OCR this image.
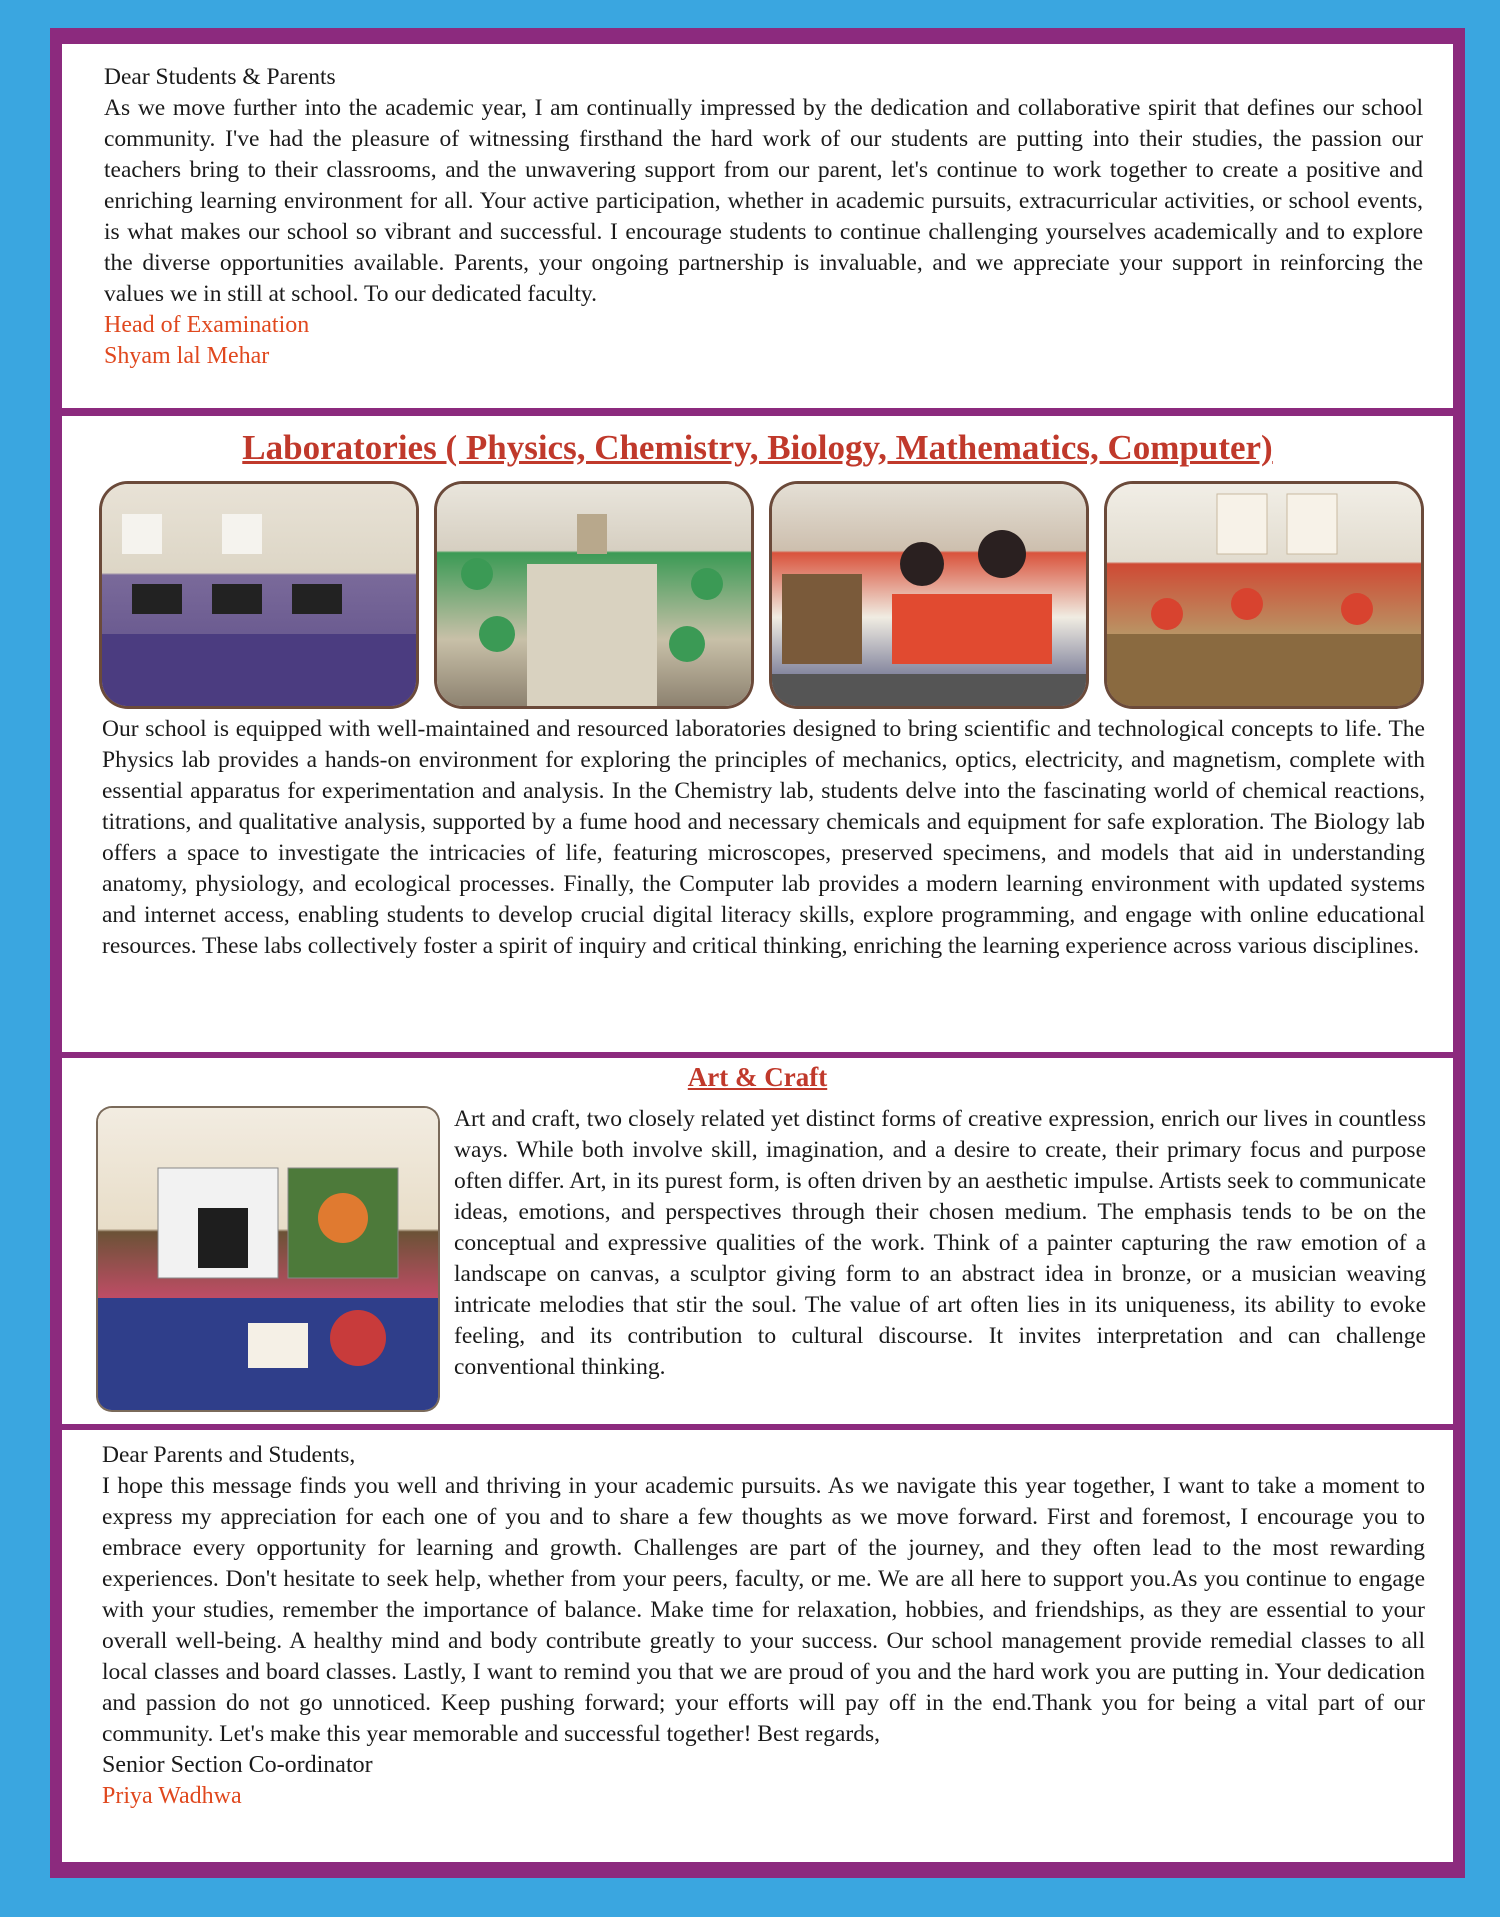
Dear Students & Parents
As we move further into the academic year, I am continually impressed by the dedication and collaborative spirit that defines our school community. I've had the pleasure of witnessing firsthand the hard work of our students are putting into their studies, the passion our teachers bring to their classrooms, and the unwavering support from our parent, let's continue to work together to create a positive and enriching learning environment for all. Your active participation, whether in academic pursuits, extracurricular activities, or school events, is what makes our school so vibrant and successful. I encourage students to continue challenging yourselves academically and to explore the diverse opportunities available. Parents, your ongoing partnership is invaluable, and we appreciate your support in reinforcing the values we in still at school. To our dedicated faculty.
Head of Examination
Shyam lal Mehar
Laboratories ( Physics, Chemistry, Biology, Mathematics, Computer)
Our school is equipped with well-maintained and resourced laboratories designed to bring scientific and technological concepts to life. The Physics lab provides a hands-on environment for exploring the principles of mechanics, optics, electricity, and magnetism, complete with essential apparatus for experimentation and analysis. In the Chemistry lab, students delve into the fascinating world of chemical reactions, titrations, and qualitative analysis, supported by a fume hood and necessary chemicals and equipment for safe exploration. The Biology lab offers a space to investigate the intricacies of life, featuring microscopes, preserved specimens, and models that aid in understanding anatomy, physiology, and ecological processes. Finally, the Computer lab provides a modern learning environment with updated systems and internet access, enabling students to develop crucial digital literacy skills, explore programming, and engage with online educational resources. These labs collectively foster a spirit of inquiry and critical thinking, enriching the learning experience across various disciplines.
Art & Craft
Art and craft, two closely related yet distinct forms of creative expression, enrich our lives in countless ways. While both involve skill, imagination, and a desire to create, their primary focus and purpose often differ. Art, in its purest form, is often driven by an aesthetic impulse. Artists seek to communicate ideas, emotions, and perspectives through their chosen medium. The emphasis tends to be on the conceptual and expressive qualities of the work. Think of a painter capturing the raw emotion of a landscape on canvas, a sculptor giving form to an abstract idea in bronze, or a musician weaving intricate melodies that stir the soul. The value of art often lies in its uniqueness, its ability to evoke feeling, and its contribution to cultural discourse. It invites interpretation and can challenge conventional thinking.
Dear Parents and Students,
I hope this message finds you well and thriving in your academic pursuits. As we navigate this year together, I want to take a moment to express my appreciation for each one of you and to share a few thoughts as we move forward. First and foremost, I encourage you to embrace every opportunity for learning and growth. Challenges are part of the journey, and they often lead to the most rewarding experiences. Don't hesitate to seek help, whether from your peers, faculty, or me. We are all here to support you.As you continue to engage with your studies, remember the importance of balance. Make time for relaxation, hobbies, and friendships, as they are essential to your overall well-being. A healthy mind and body contribute greatly to your success. Our school management provide remedial classes to all local classes and board classes. Lastly, I want to remind you that we are proud of you and the hard work you are putting in. Your dedication and passion do not go unnoticed. Keep pushing forward; your efforts will pay off in the end.Thank you for being a vital part of our community. Let's make this year memorable and successful together! Best regards,
Senior Section Co-ordinator
Priya Wadhwa
